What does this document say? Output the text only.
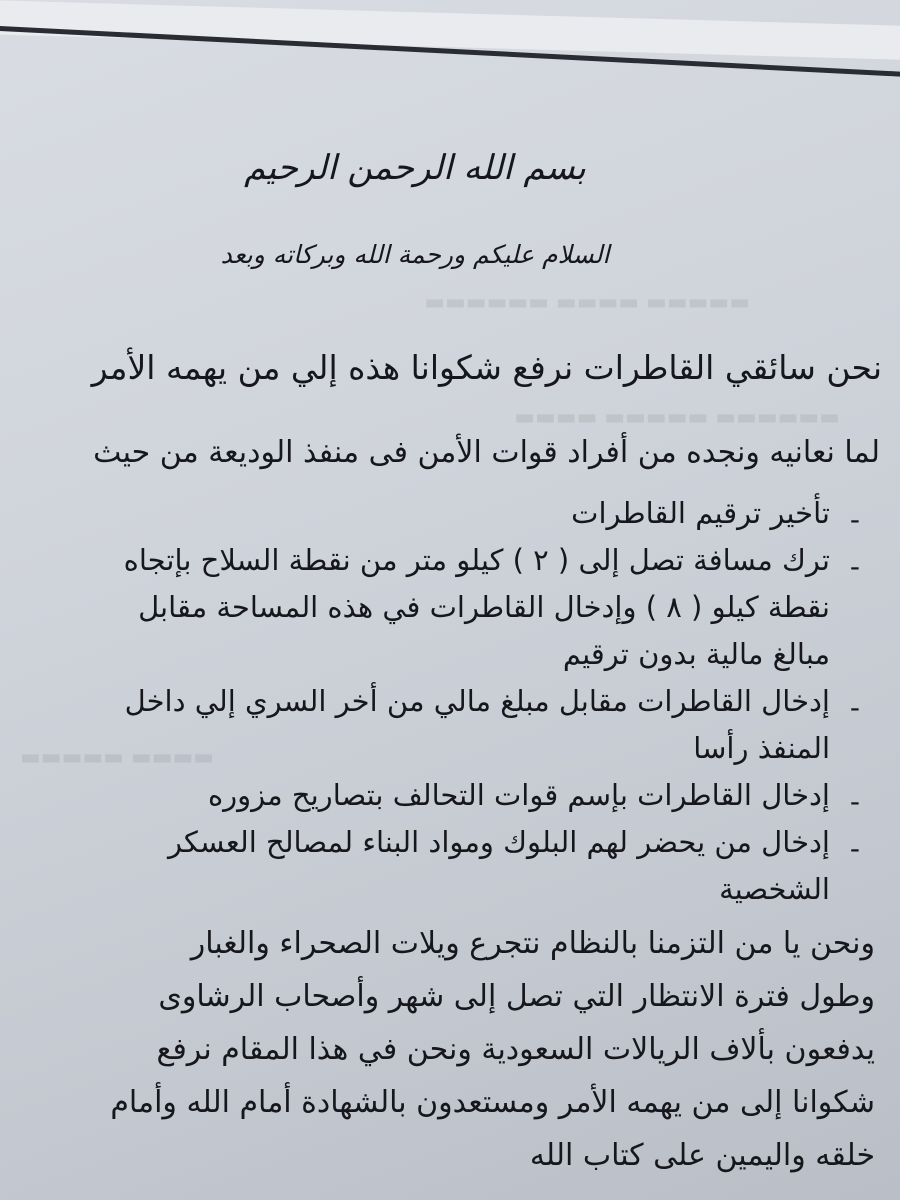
▬▬▬▬▬ ▬▬▬▬ ▬▬▬▬▬▬
▬▬▬▬▬▬ ▬▬▬▬▬ ▬▬▬▬
▬▬▬▬ ▬▬▬▬▬
بسم الله الرحمن الرحيم
السلام عليكم ورحمة الله وبركاته وبعد
نحن سائقي القاطرات نرفع شكوانا هذه إلي من يهمه الأمر
لما نعانيه ونجده من أفراد قوات الأمن فى منفذ الوديعة من حيث
-
تأخير ترقيم القاطرات
-
ترك مسافة تصل إلى ( ٢ ) كيلو متر من نقطة السلاح بإتجاه
نقطة كيلو ( ٨ ) وإدخال القاطرات في هذه المساحة مقابل
مبالغ مالية بدون ترقيم
-
إدخال القاطرات مقابل مبلغ مالي من أخر السري إلي داخل
المنفذ رأسا
-
إدخال القاطرات بإسم قوات التحالف بتصاريح مزوره
-
إدخال من يحضر لهم البلوك ومواد البناء لمصالح العسكر
الشخصية
ونحن يا من التزمنا بالنظام نتجرع ويلات الصحراء والغبار
وطول فترة الانتظار التي تصل إلى شهر وأصحاب الرشاوى
يدفعون بألاف الريالات السعودية ونحن في هذا المقام نرفع
شكوانا إلى من يهمه الأمر ومستعدون بالشهادة أمام الله وأمام
خلقه واليمين على كتاب الله
